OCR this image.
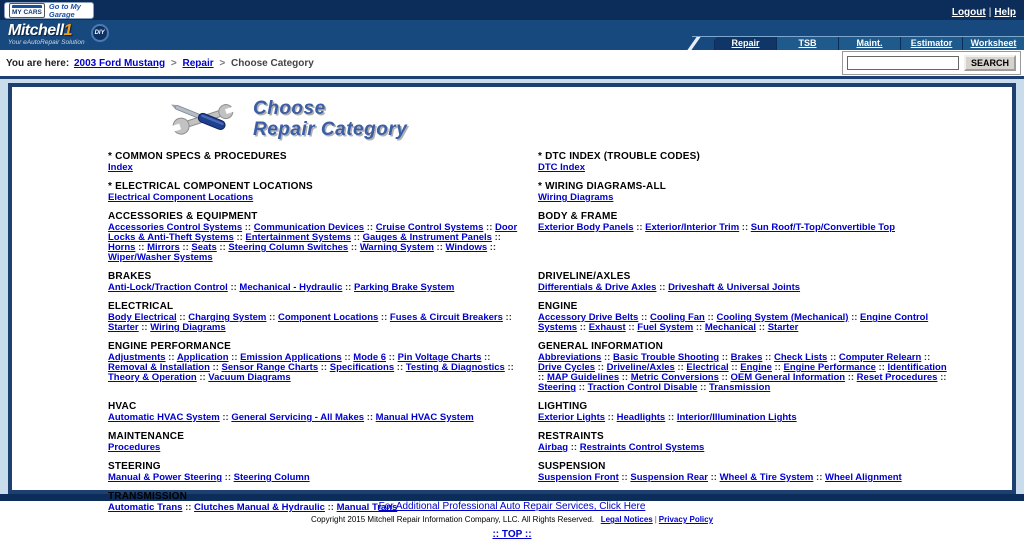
MY CARS
Go to My Garage	Logout | Help
Mitchell1
Your eAutoRepair Solution
DIY
Repair	TSB	Maint.	Estimator	Worksheet
You are here: 2003 Ford Mustang > Repair > Choose Category	SEARCH
Choose
Repair Category
* COMMON SPECS & PROCEDURES
Index
* DTC INDEX (TROUBLE CODES)
DTC Index
* ELECTRICAL COMPONENT LOCATIONS
Electrical Component Locations
* WIRING DIAGRAMS-ALL
Wiring Diagrams
ACCESSORIES & EQUIPMENT
Accessories Control Systems :: Communication Devices :: Cruise Control Systems :: Door Locks & Anti-Theft Systems :: Entertainment Systems :: Gauges & Instrument Panels :: Horns :: Mirrors :: Seats :: Steering Column Switches :: Warning System :: Windows :: Wiper/Washer Systems
BODY & FRAME
Exterior Body Panels :: Exterior/Interior Trim :: Sun Roof/T-Top/Convertible Top
BRAKES
Anti-Lock/Traction Control :: Mechanical - Hydraulic :: Parking Brake System
DRIVELINE/AXLES
Differentials & Drive Axles :: Driveshaft & Universal Joints
ELECTRICAL
Body Electrical :: Charging System :: Component Locations :: Fuses & Circuit Breakers :: Starter :: Wiring Diagrams
ENGINE
Accessory Drive Belts :: Cooling Fan :: Cooling System (Mechanical) :: Engine Control Systems :: Exhaust :: Fuel System :: Mechanical :: Starter
ENGINE PERFORMANCE
Adjustments :: Application :: Emission Applications :: Mode 6 :: Pin Voltage Charts :: Removal & Installation :: Sensor Range Charts :: Specifications :: Testing & Diagnostics :: Theory & Operation :: Vacuum Diagrams
GENERAL INFORMATION
Abbreviations :: Basic Trouble Shooting :: Brakes :: Check Lists :: Computer Relearn :: Drive Cycles :: Driveline/Axles :: Electrical :: Engine :: Engine Performance :: Identification :: MAP Guidelines :: Metric Conversions :: OEM General Information :: Reset Procedures :: Steering :: Traction Control Disable :: Transmission
HVAC
Automatic HVAC System :: General Servicing - All Makes :: Manual HVAC System
LIGHTING
Exterior Lights :: Headlights :: Interior/Illumination Lights
MAINTENANCE
Procedures
RESTRAINTS
Airbag :: Restraints Control Systems
STEERING
Manual & Power Steering :: Steering Column
SUSPENSION
Suspension Front :: Suspension Rear :: Wheel & Tire System :: Wheel Alignment
TRANSMISSION
Automatic Trans :: Clutches Manual & Hydraulic :: Manual Trans
For Additional Professional Auto Repair Services, Click Here
Copyright 2015 Mitchell Repair Information Company, LLC. All Rights Reserved. Legal Notices | Privacy Policy
:: TOP ::
